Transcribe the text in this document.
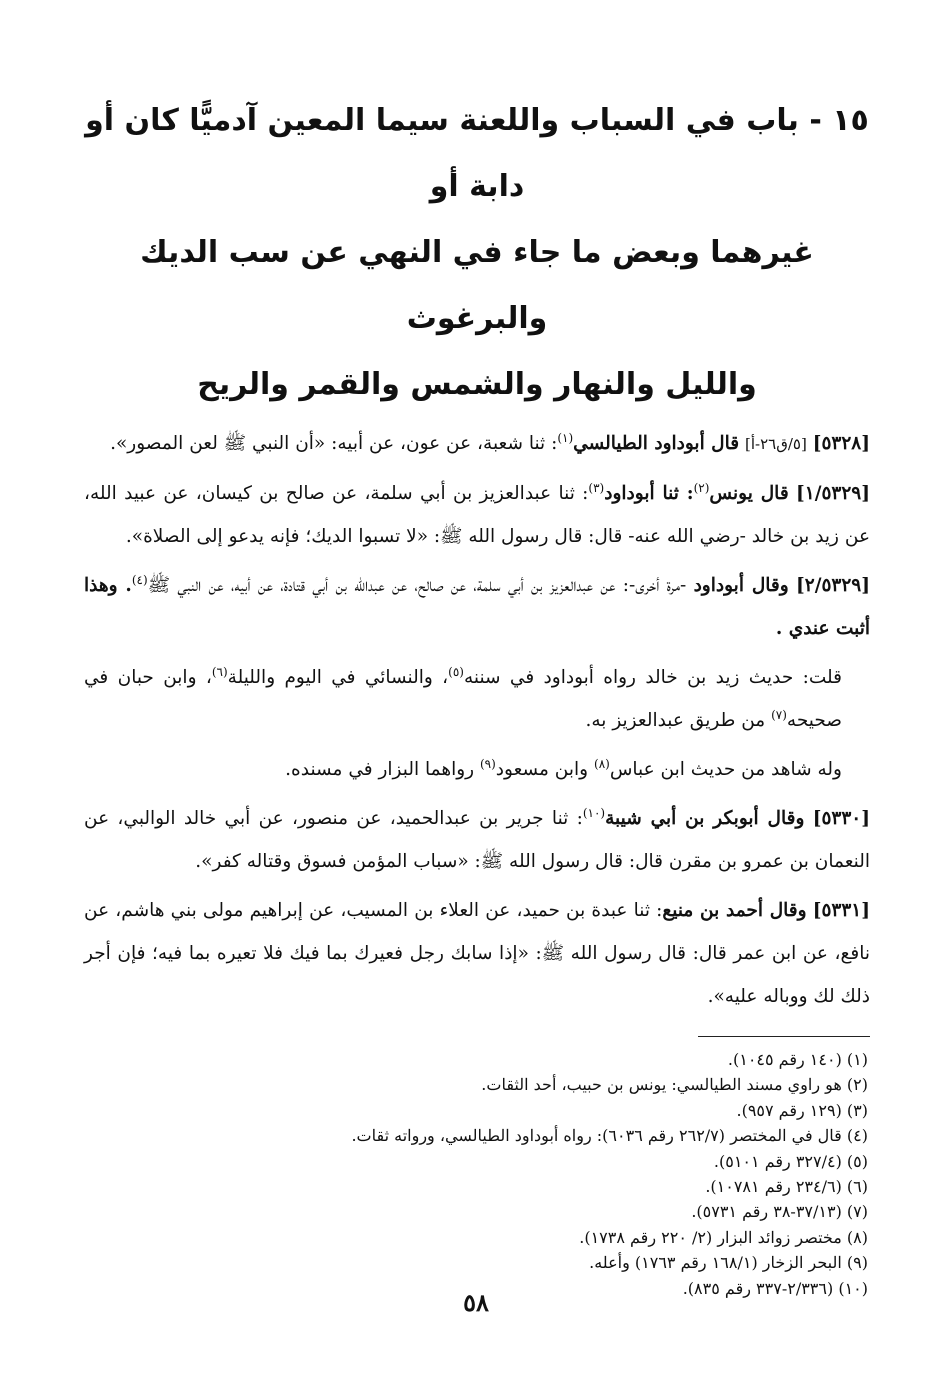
١٥ - باب في السباب واللعنة سيما المعين آدميًّا كان أو دابة أو
غيرهما وبعض ما جاء في النهي عن سب الديك والبرغوث
والليل والنهار والشمس والقمر والريح

[٥٣٢٨] [٥/ق٢٦-أ] قال أبوداود الطيالسي$^{(١)}$: ثنا شعبة، عن عون، عن أبيه: «أن النبي ﷺ لعن المصور».

[١/٥٣٢٩] قال يونس$^{(٢)}$: ثنا أبوداود$^{(٣)}$: ثنا عبدالعزيز بن أبي سلمة، عن صالح بن كيسان، عن عبيد الله، عن زيد بن خالد -رضي الله عنه- قال: قال رسول الله ﷺ: «لا تسبوا الديك؛ فإنه يدعو إلى الصلاة».

[٢/٥٣٢٩] وقال أبوداود -مرة أخرى-: عن عبدالعزيز بن أبي سلمة، عن صالح، عن عبدالله بن أبي قتادة، عن أبيه، عن النبي ﷺ$^{(٤)}$. وهذا أثبت عندي .

قلت: حديث زيد بن خالد رواه أبوداود في سننه$^{(٥)}$، والنسائي في اليوم والليلة$^{(٦)}$، وابن حبان في صحيحه$^{(٧)}$ من طريق عبدالعزيز به.

وله شاهد من حديث ابن عباس$^{(٨)}$ وابن مسعود$^{(٩)}$ رواهما البزار في مسنده.

[٥٣٣٠] وقال أبوبكر بن أبي شيبة$^{(١٠)}$: ثنا جرير بن عبدالحميد، عن منصور، عن أبي خالد الوالبي، عن النعمان بن عمرو بن مقرن قال: قال رسول الله ﷺ: «سباب المؤمن فسوق وقتاله كفر».

[٥٣٣١] وقال أحمد بن منيع: ثنا عبدة بن حميد، عن العلاء بن المسيب، عن إبراهيم مولى بني هاشم، عن نافع، عن ابن عمر قال: قال رسول الله ﷺ: «إذا سابك رجل فعيرك بما فيك فلا تعيره بما فيه؛ فإن أجر ذلك لك ووباله عليه».

(١) (١٤٠ رقم ١٠٤٥).

(٢) هو راوي مسند الطيالسي: يونس بن حبيب، أحد الثقات.

(٣) (١٢٩ رقم ٩٥٧).

(٤) قال في المختصر (٢٦٢/٧ رقم ٦٠٣٦): رواه أبوداود الطيالسي، ورواته ثقات.

(٥) (٣٢٧/٤ رقم ٥١٠١).

(٦) (٢٣٤/٦ رقم ١٠٧٨١).

(٧) (٣٧/١٣-٣٨ رقم ٥٧٣١).

(٨) مختصر زوائد البزار (٢/ ٢٢٠ رقم ١٧٣٨).

(٩) البحر الزخار (١٦٨/١ رقم ١٧٦٣) وأعله.

(١٠) (٢/٣٣٦-٣٣٧ رقم ٨٣٥).

٥٨
